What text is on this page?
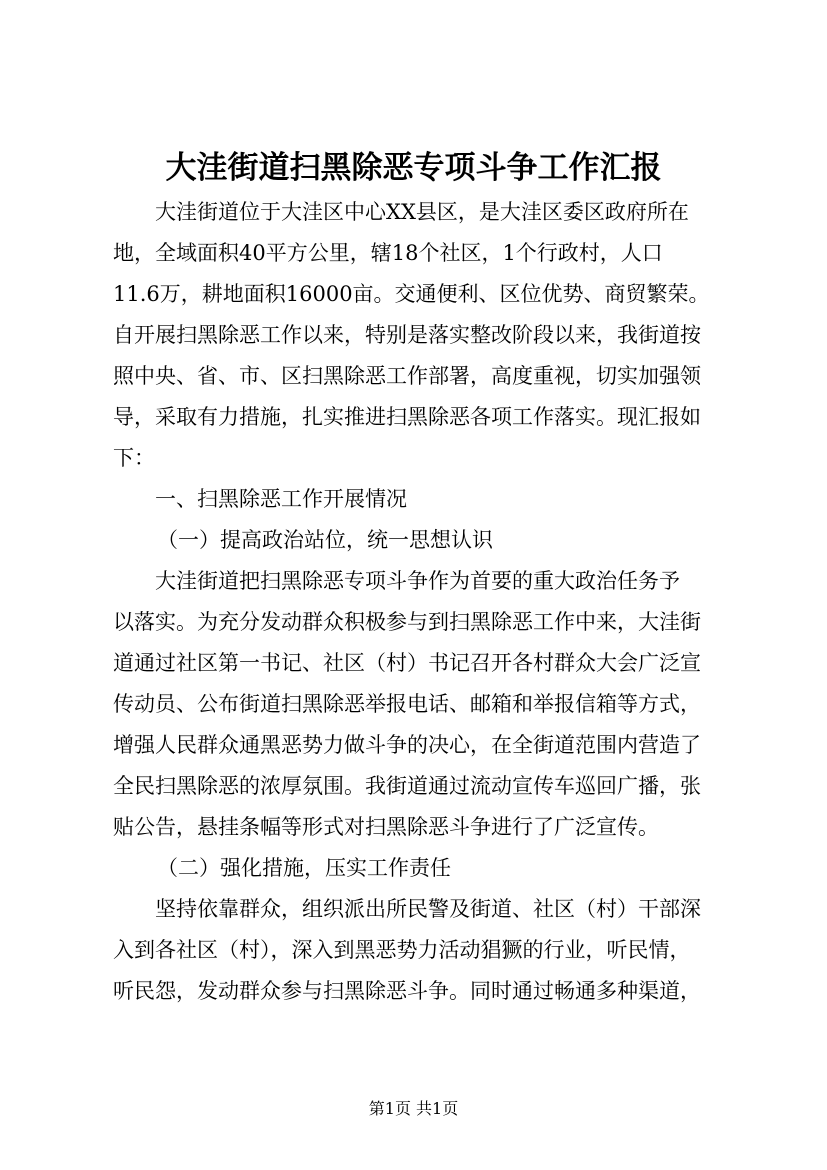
大洼街道扫黑除恶专项斗争工作汇报
大洼街道位于大洼区中心XX县区，是大洼区委区政府所在
地，全域面积40平方公里，辖18个社区，1个行政村，人口
11.6万，耕地面积16000亩。交通便利、区位优势、商贸繁荣。
自开展扫黑除恶工作以来，特别是落实整改阶段以来，我街道按
照中央、省、市、区扫黑除恶工作部署，高度重视，切实加强领
导，采取有力措施，扎实推进扫黑除恶各项工作落实。现汇报如
下：
一、扫黑除恶工作开展情况
（一）提高政治站位，统一思想认识
大洼街道把扫黑除恶专项斗争作为首要的重大政治任务予
以落实。为充分发动群众积极参与到扫黑除恶工作中来，大洼街
道通过社区第一书记、社区（村）书记召开各村群众大会广泛宣
传动员、公布街道扫黑除恶举报电话、邮箱和举报信箱等方式，
增强人民群众通黑恶势力做斗争的决心，在全街道范围内营造了
全民扫黑除恶的浓厚氛围。我街道通过流动宣传车巡回广播，张
贴公告，悬挂条幅等形式对扫黑除恶斗争进行了广泛宣传。
（二）强化措施，压实工作责任
坚持依靠群众，组织派出所民警及街道、社区（村）干部深
入到各社区（村），深入到黑恶势力活动猖獗的行业，听民情，
听民怨，发动群众参与扫黑除恶斗争。同时通过畅通多种渠道，
第1页 共1页
